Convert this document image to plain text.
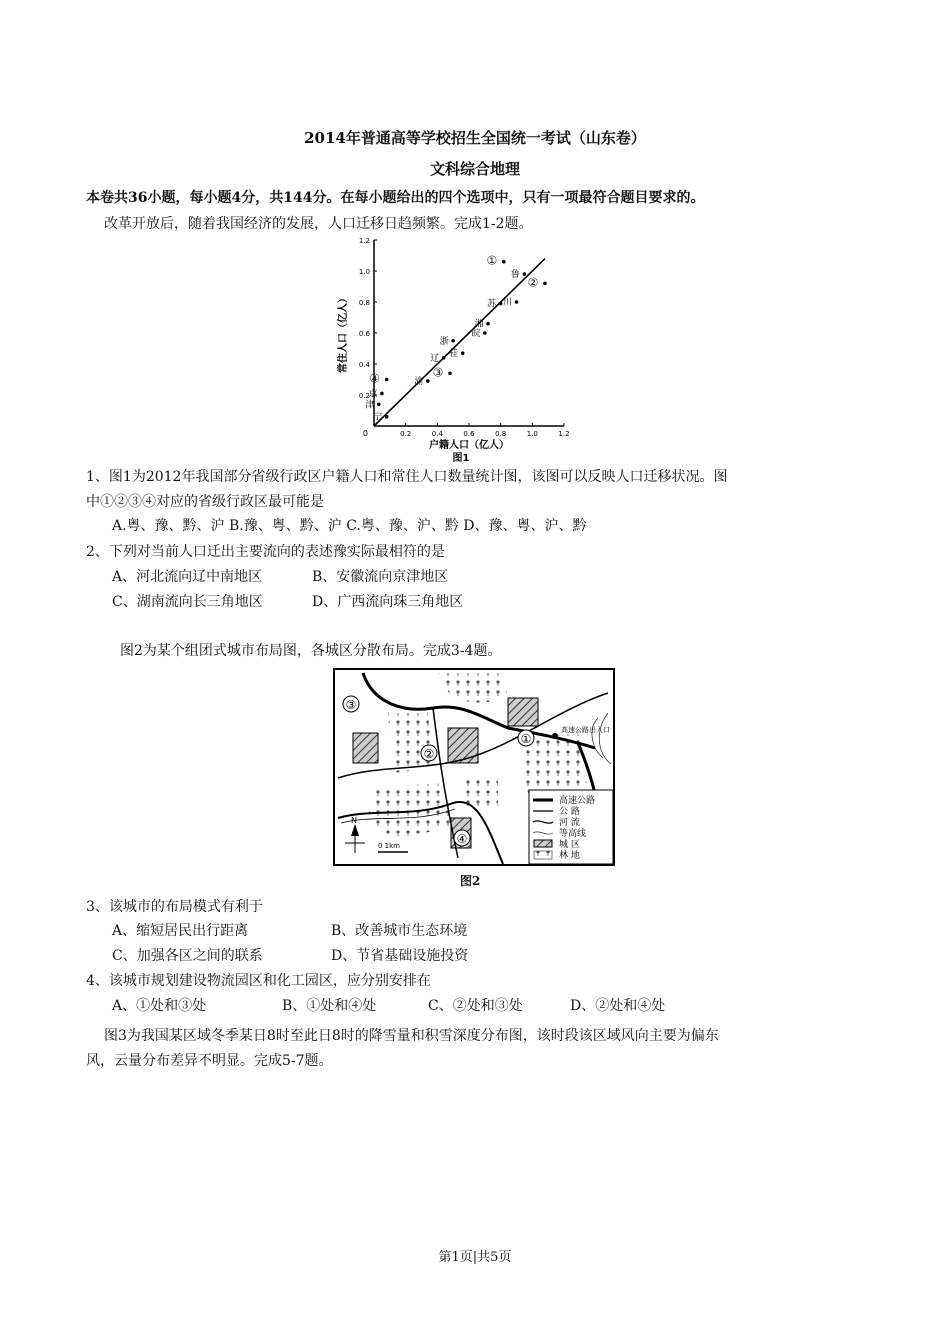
2014年普通高等学校招生全国统一考试（山东卷）
文科综合地理
本卷共36小题，每小题4分，共144分。在每小题给出的四个选项中，只有一项最符合题目要求的。
改革开放后，随着我国经济的发展，人口迁移日趋频繁。完成1-2题。
0	0.2	0.4	0.6	0.8	1.0	1.2
0.2
0.4
0.6
0.8
1.0
1.2
①
鲁
②
苏 川
湘
皖
浙
辽 桂
③
渝
④
京
津
宁
户籍人口（亿人）
常住人口（亿人）
图1
1、图1为2012年我国部分省级行政区户籍人口和常住人口数量统计图，该图可以反映人口迁移状况。图
中①②③④对应的省级行政区最可能是
A.粤、豫、黔、沪 B.豫、粤、黔、沪 C.粤、豫、沪、黔 D、豫、粤、沪、黔
2、下列对当前人口迁出主要流向的表述豫实际最相符的是
A、河北流向辽中南地区	B、安徽流向京津地区
C、湖南流向长三角地区	D、广西流向珠三角地区
图2为某个组团式城市布局图，各城区分散布局。完成3-4题。
③
②
①
④
高速公路出入口
N
0 1km
高速公路
公 路
河 流
等高线
城 区
林 地
图2
3、该城市的布局模式有利于
A、缩短居民出行距离	B、改善城市生态环境
C、加强各区之间的联系	D、节省基础设施投资
4、该城市规划建设物流园区和化工园区，应分别安排在
A、①处和③处	B、①处和④处	C、②处和③处	D、②处和④处
图3为我国某区域冬季某日8时至此日8时的降雪量和积雪深度分布图，该时段该区域风向主要为偏东
风，云量分布差异不明显。完成5-7题。
第1页|共5页
